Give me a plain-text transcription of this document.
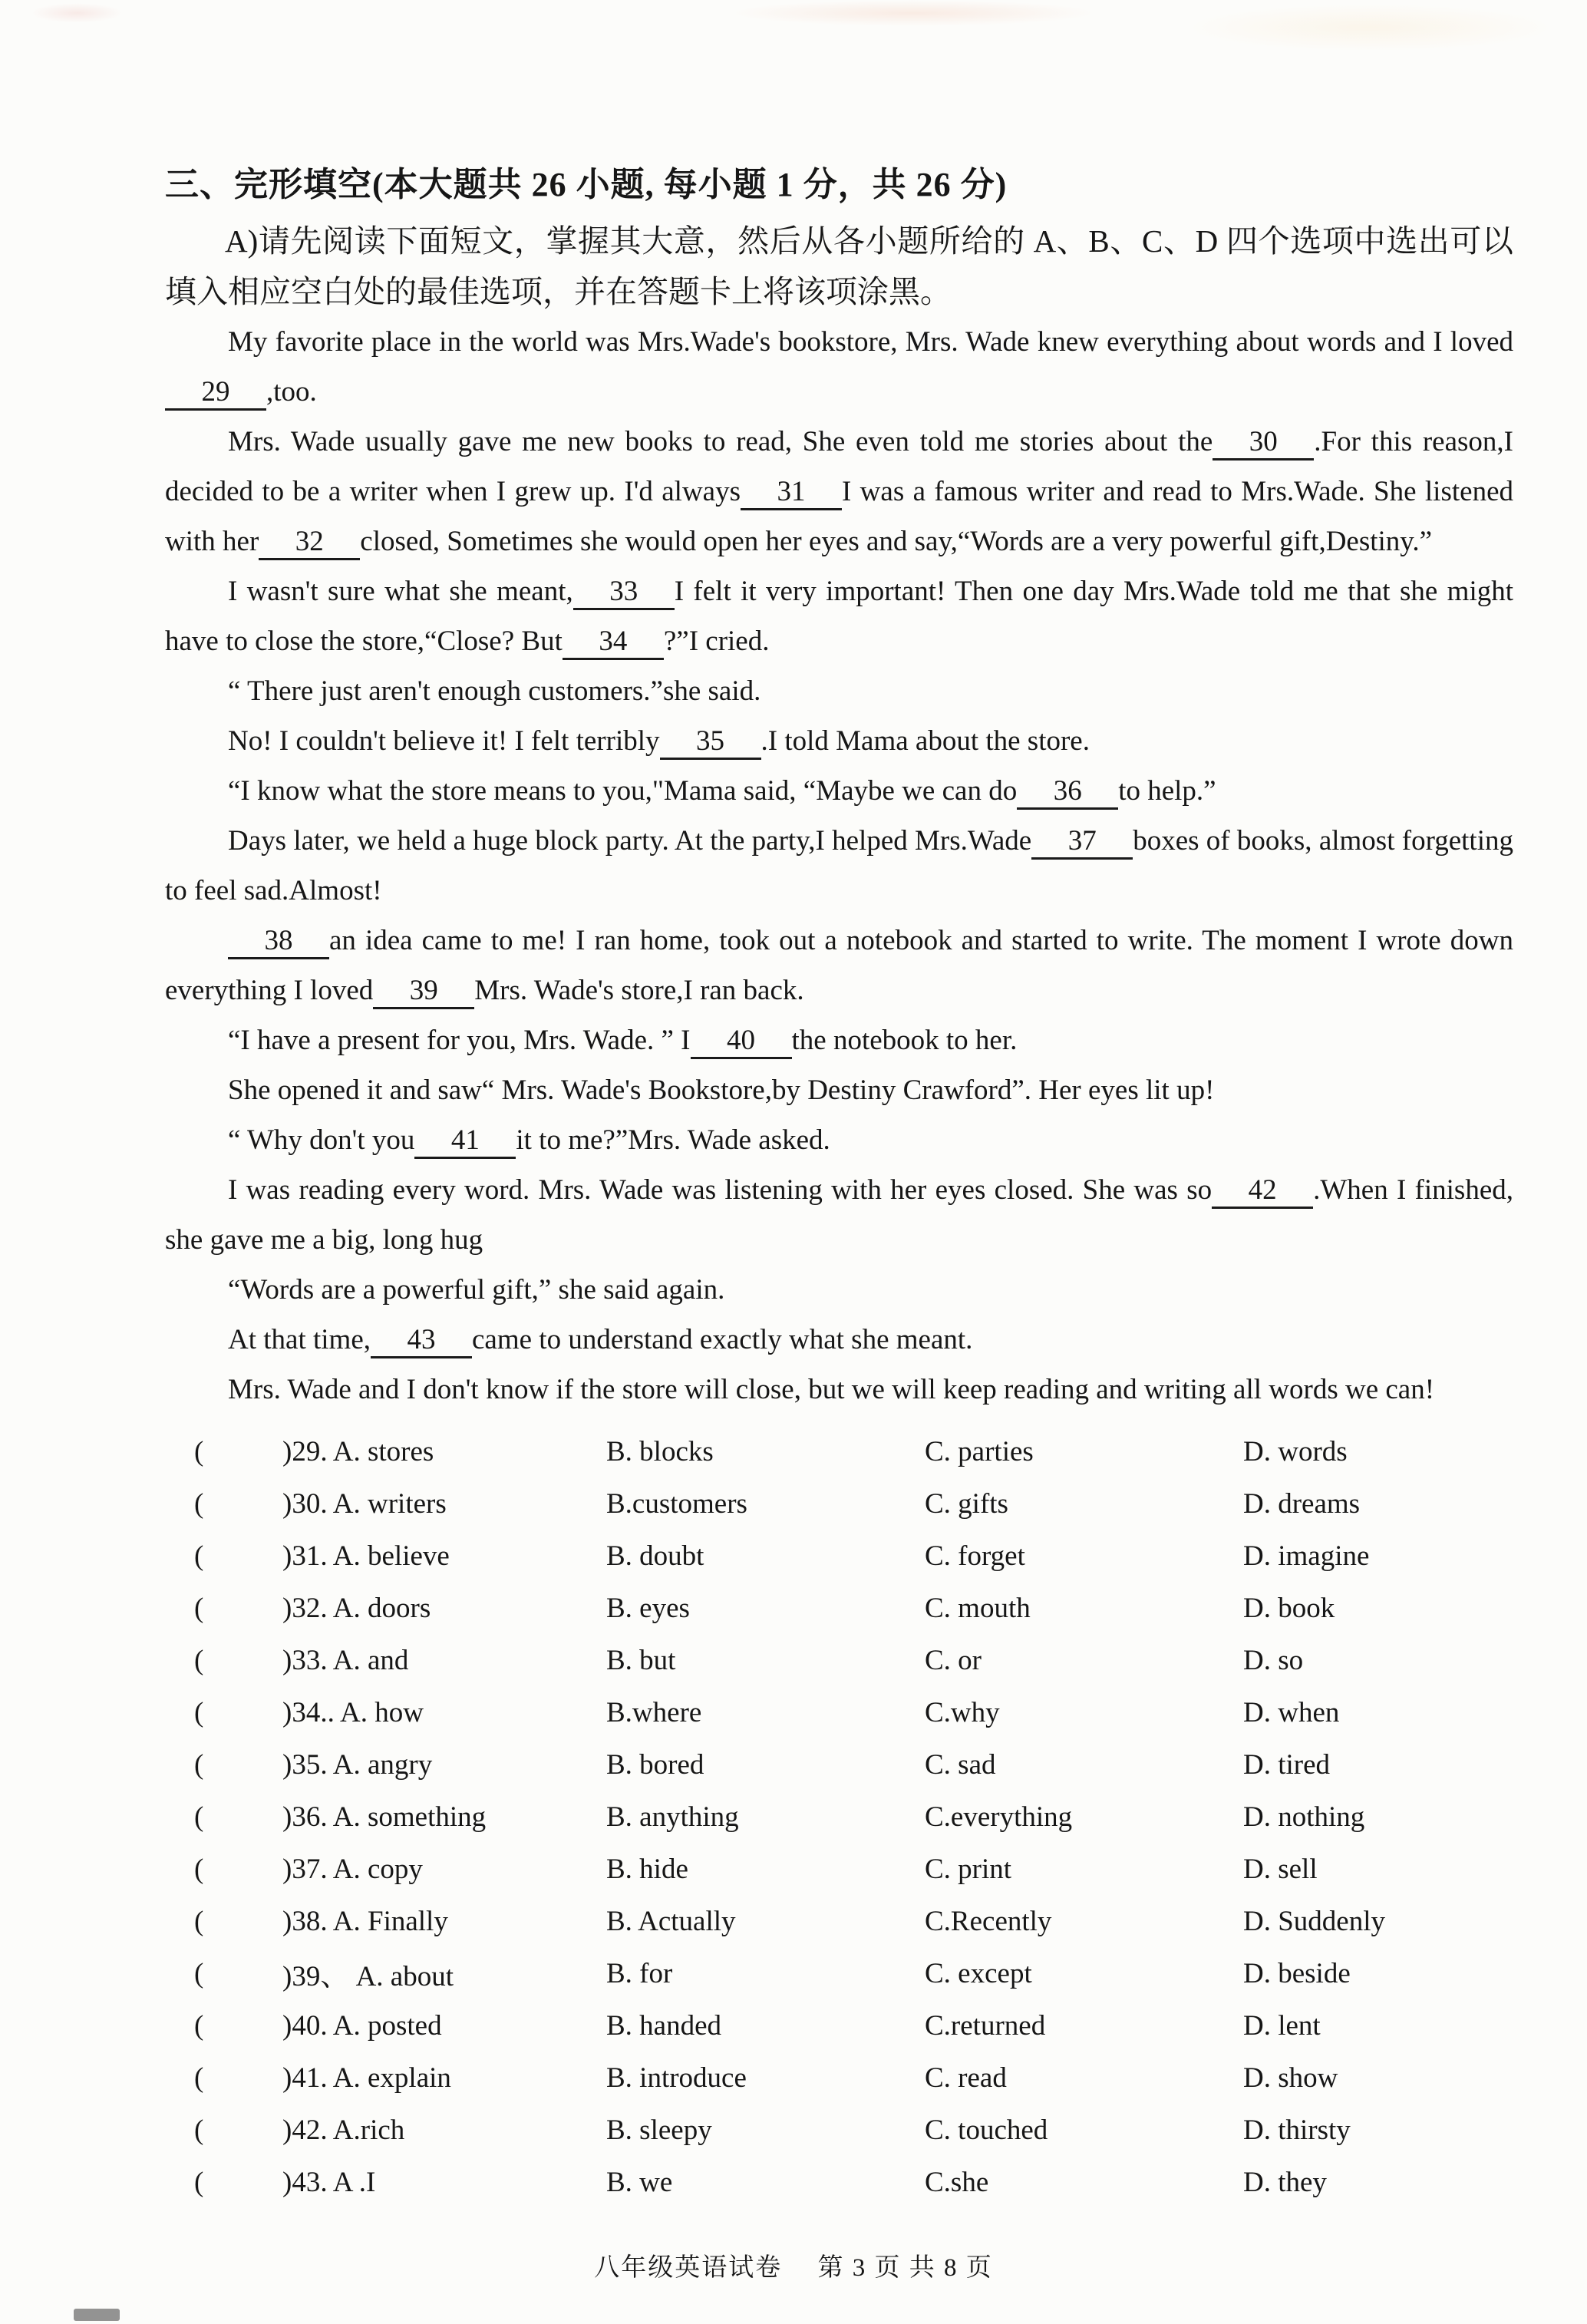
三、完形填空(本大题共 26 小题, 每小题 1 分，共 26 分)

A)请先阅读下面短文，掌握其大意，然后从各小题所给的 A、B、C、D 四个选项中选出可以填入相应空白处的最佳选项，并在答题卡上将该项涂黑。

My favorite place in the world was Mrs.Wade's bookstore, Mrs. Wade knew everything about words and I loved29 ,too.

Mrs. Wade usually gave me new books to read, She even told me stories about the 30 .For this reason,I decided to be a writer when I grew up. I'd always 31 I was a famous writer and read to Mrs.Wade. She listened with her 32 closed, Sometimes she would open her eyes and say,“Words are a very powerful gift,Destiny.”

I wasn't sure what she meant, 33 I felt it very important! Then one day Mrs.Wade told me that she might have to close the store,“Close? But 34 ?”I cried.

“ There just aren't enough customers.”she said.

No! I couldn't believe it! I felt terribly 35 .I told Mama about the store.

“I know what the store means to you,"Mama said, “Maybe we can do 36 to help.”

Days later, we held a huge block party. At the party,I helped Mrs.Wade 37 boxes of books, almost forgetting to feel sad.Almost!

38 an idea came to me! I ran home, took out a notebook and started to write. The moment I wrote down everything I loved 39 Mrs. Wade's store,I ran back.

“I have a present for you, Mrs. Wade. ” I 40 the notebook to her.

She opened it and saw“ Mrs. Wade's Bookstore,by Destiny Crawford”. Her eyes lit up!

“ Why don't you 41 it to me?”Mrs. Wade asked.

I was reading every word. Mrs. Wade was listening with her eyes closed. She was so 42 .When I finished, she gave me a big, long hug

“Words are a powerful gift,” she said again.

At that time, 43 came to understand exactly what she meant.

Mrs. Wade and I don't know if the store will close, but we will keep reading and writing all words we can!

(	)29. A. stores	B. blocks	C. parties	D. words
(	)30. A. writers	B.customers	C. gifts	D. dreams
(	)31. A. believe	B. doubt	C. forget	D. imagine
(	)32. A. doors	B. eyes	C. mouth	D. book
(	)33. A. and	B. but	C. or	D. so
(	)34.. A. how	B.where	C.why	D. when
(	)35. A. angry	B. bored	C. sad	D. tired
(	)36. A. something	B. anything	C.everything	D. nothing
(	)37. A. copy	B. hide	C. print	D. sell
(	)38. A. Finally	B. Actually	C.Recently	D. Suddenly
(	)39、 A. about	B. for	C. except	D. beside
(	)40. A. posted	B. handed	C.returned	D. lent
(	)41. A. explain	B. introduce	C. read	D. show
(	)42. A.rich	B. sleepy	C. touched	D. thirsty
(	)43. A .I	B. we	C.she	D. they
八年级英语试卷 第 3 页 共 8 页
